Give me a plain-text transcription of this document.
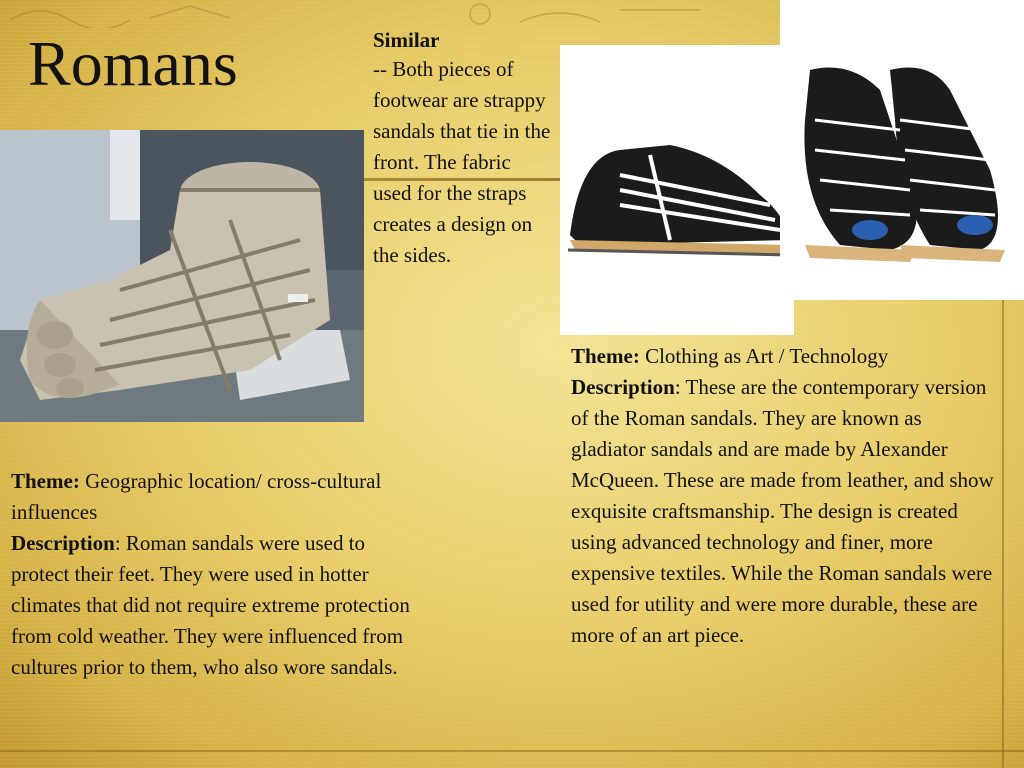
Romans	Similar
-- Both pieces of footwear are strappy sandals that tie in the front. The fabric used for the straps creates a design on the sides.
Theme: Geographic location/ cross-cultural influences
Description: Roman sandals were used to protect their feet. They were used in hotter climates that did not require extreme protection from cold weather. They were influenced from cultures prior to them, who also wore sandals.
Theme: Clothing as Art / Technology
Description: These are the contemporary version of the Roman sandals. They are known as gladiator sandals and are made by Alexander McQueen. These are made from leather, and show exquisite craftsmanship. The design is created using advanced technology and finer, more expensive textiles. While the Roman sandals were used for utility and were more durable, these are more of an art piece.
